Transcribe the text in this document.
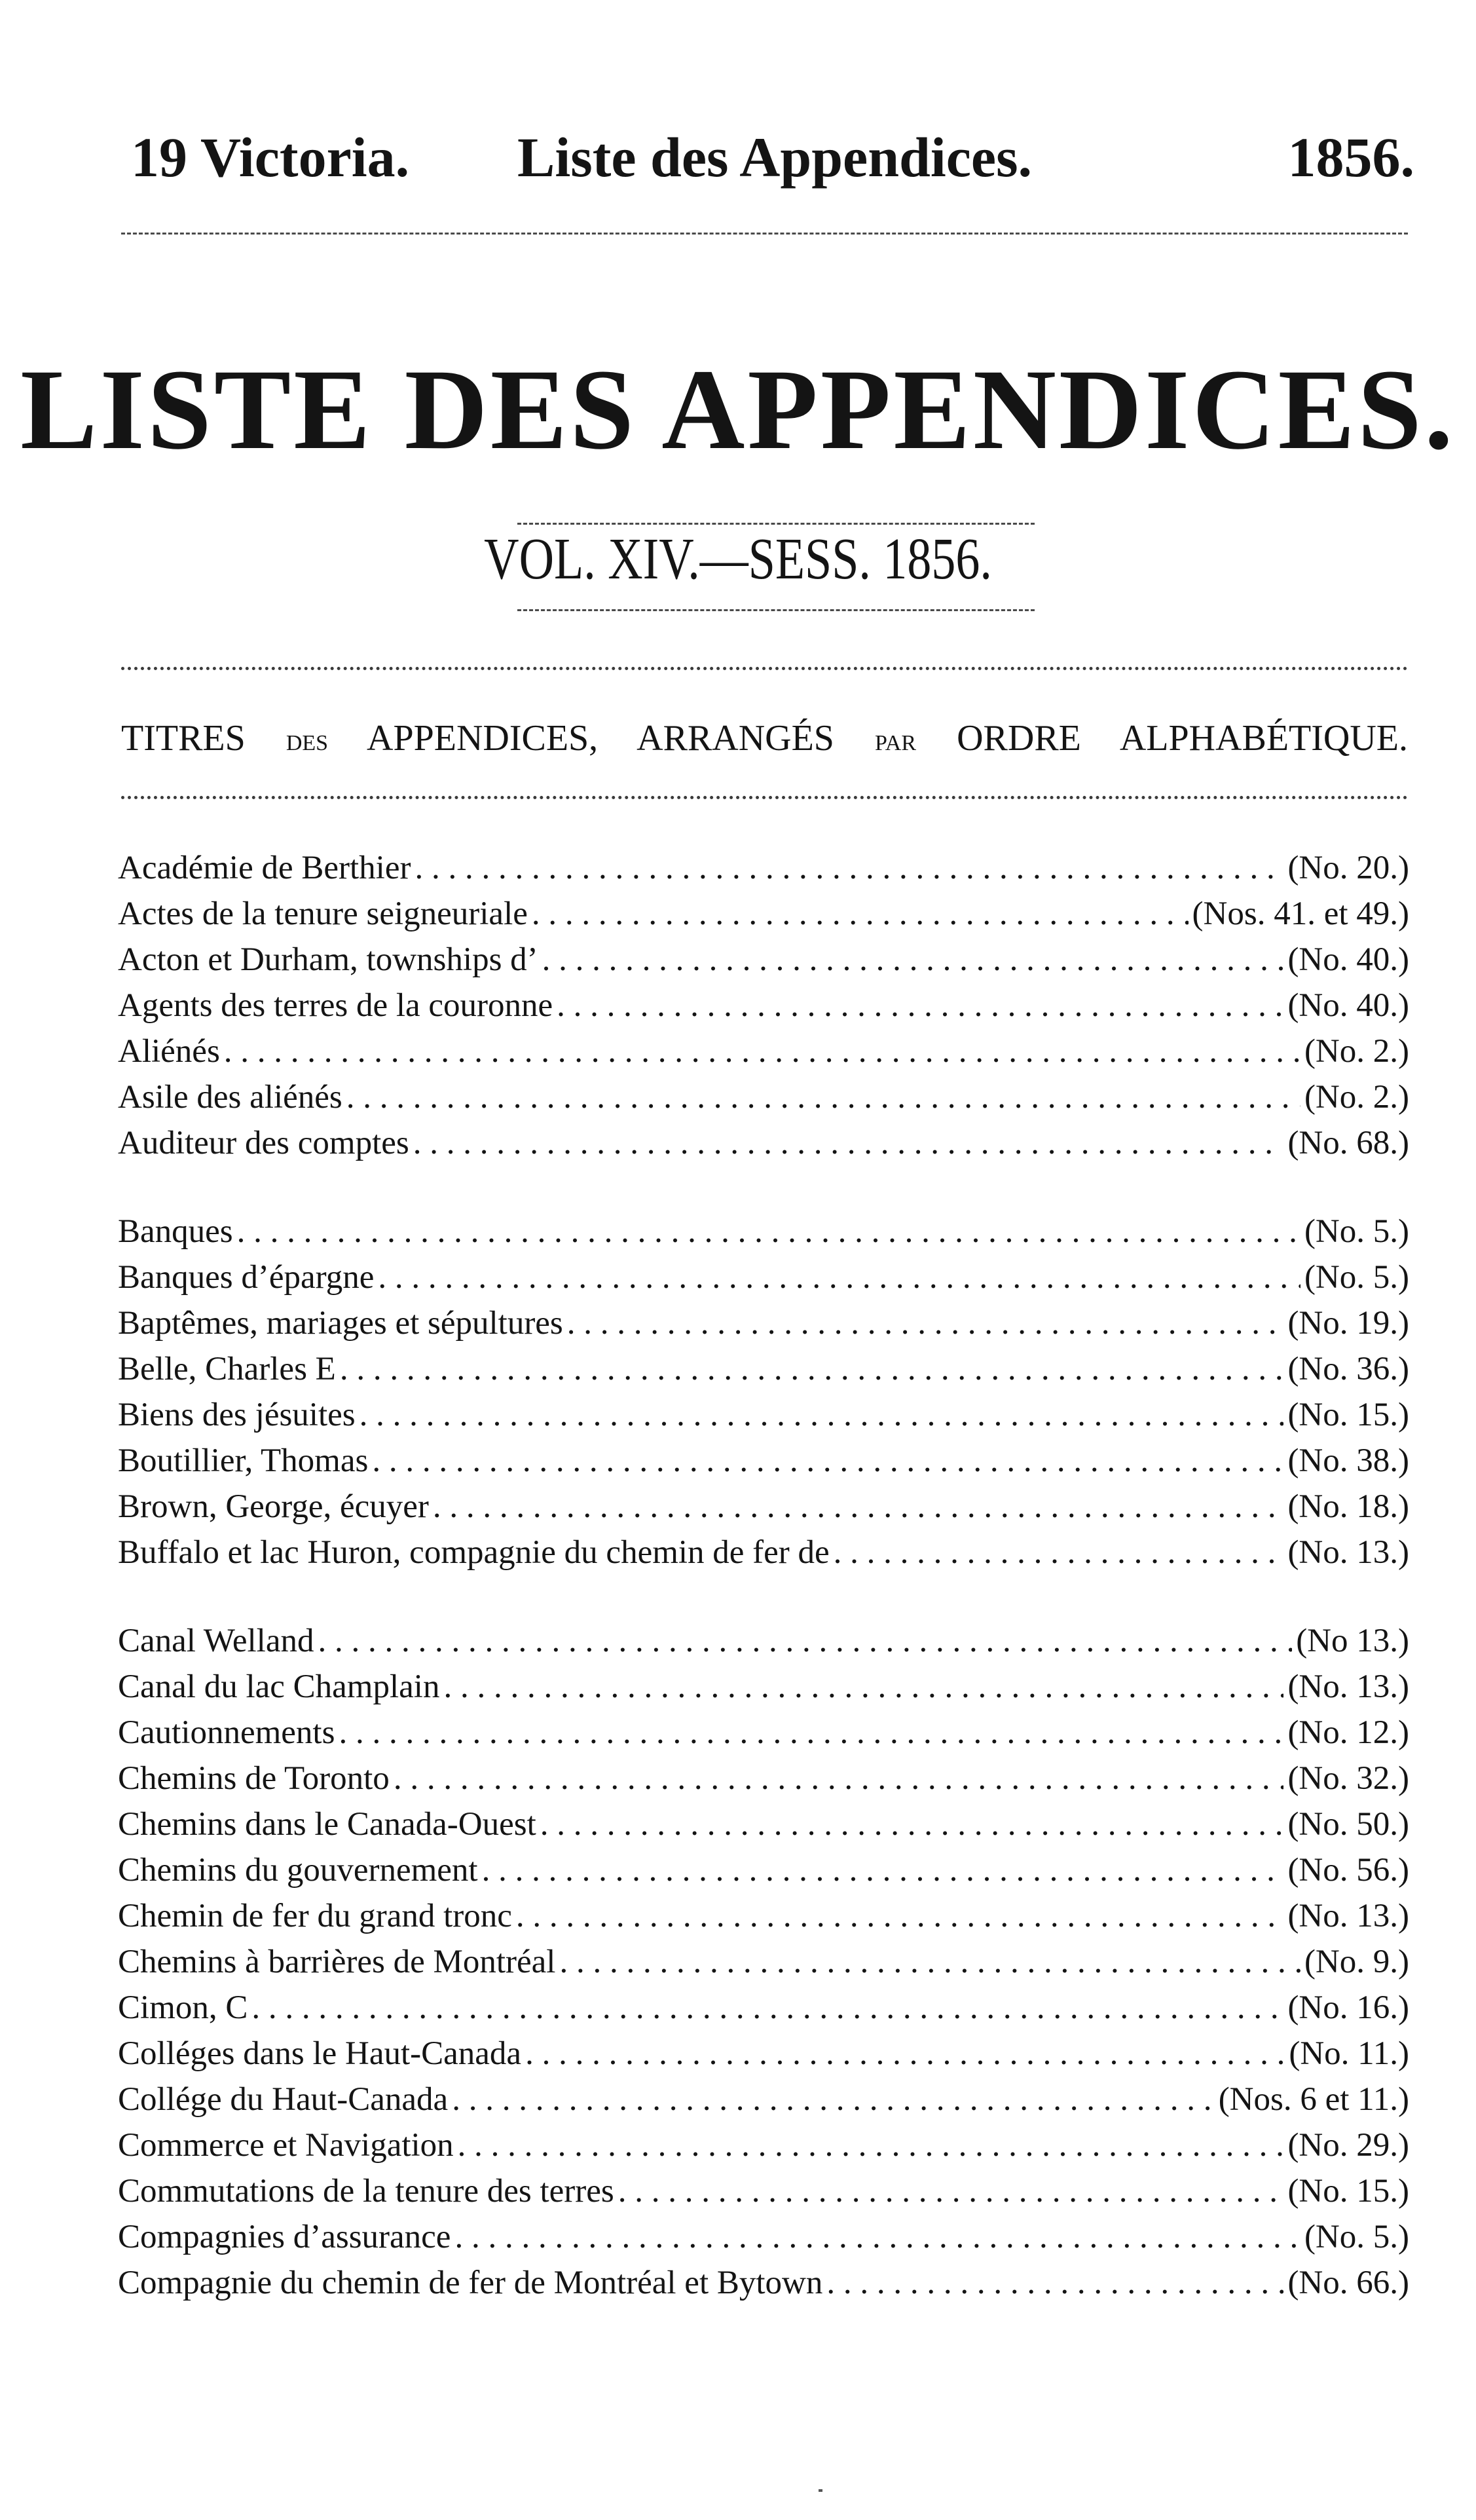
19 Victoria. Liste des Appendices.	1856.
LISTE DES APPENDICES.
VOL. XIV.—SESS. 1856.
TITRES DES APPENDICES, ARRANGÉS PAR ORDRE ALPHABÉTIQUE.
Académie de Berthier . . .	(No. 20.)
Actes de la tenure seigneuriale . . .	(Nos. 41. et 49.)
Acton et Durham, townships d’ . . .	(No. 40.)
Agents des terres de la couronne . . .	(No. 40.)
Aliénés . . .	(No. 2.)
Asile des aliénés . . .	(No. 2.)
Auditeur des comptes . . .	(No. 68.)
Banques . . .	(No. 5.)
Banques d’épargne . . .	(No. 5.)
Baptêmes, mariages et sépultures . . .	(No. 19.)
Belle, Charles E . . .	(No. 36.)
Biens des jésuites . . .	(No. 15.)
Boutillier, Thomas . . .	(No. 38.)
Brown, George, écuyer . . .	(No. 18.)
Buffalo et lac Huron, compagnie du chemin de fer de . . .	(No. 13.)
Canal Welland . . .	(No 13.)
Canal du lac Champlain . . .	(No. 13.)
Cautionnements . . .	(No. 12.)
Chemins de Toronto . . .	(No. 32.)
Chemins dans le Canada-Ouest . . .	(No. 50.)
Chemins du gouvernement . . .	(No. 56.)
Chemin de fer du grand tronc . . .	(No. 13.)
Chemins à barrières de Montréal . . .	(No. 9.)
Cimon, C . . .	(No. 16.)
Colléges dans le Haut-Canada . . .	(No. 11.)
Collége du Haut-Canada . . .	(Nos. 6 et 11.)
Commerce et Navigation . . .	(No. 29.)
Commutations de la tenure des terres . . .	(No. 15.)
Compagnies d’assurance . . .	(No. 5.)
Compagnie du chemin de fer de Montréal et Bytown . . .	(No. 66.)
